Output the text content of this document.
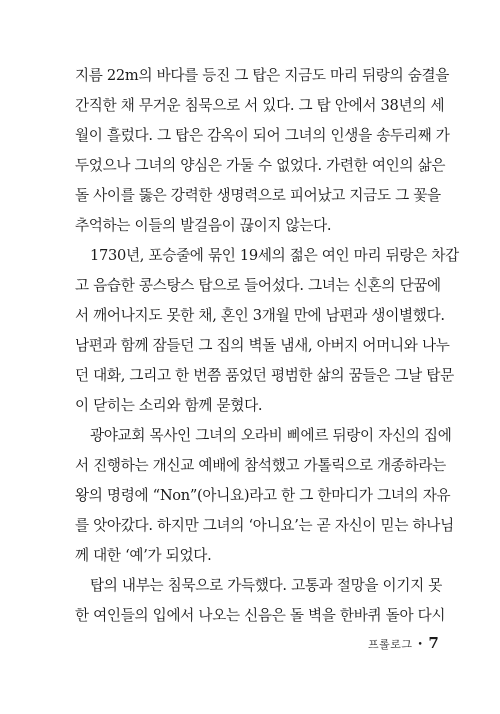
지름 22m의 바다를 등진 그 탑은 지금도 마리 뒤랑의 숨결을
간직한 채 무거운 침묵으로 서 있다. 그 탑 안에서 38년의 세
월이 흘렀다. 그 탑은 감옥이 되어 그녀의 인생을 송두리째 가
두었으나 그녀의 양심은 가둘 수 없었다. 가련한 여인의 삶은
돌 사이를 뚫은 강력한 생명력으로 피어났고 지금도 그 꽃을
추억하는 이들의 발걸음이 끊이지 않는다.
1730년, 포승줄에 묶인 19세의 젊은 여인 마리 뒤랑은 차갑
고 음습한 콩스탕스 탑으로 들어섰다. 그녀는 신혼의 단꿈에
서 깨어나지도 못한 채, 혼인 3개월 만에 남편과 생이별했다.
남편과 함께 잠들던 그 집의 벽돌 냄새, 아버지 어머니와 나누
던 대화, 그리고 한 번쯤 품었던 평범한 삶의 꿈들은 그날 탑문
이 닫히는 소리와 함께 묻혔다.
광야교회 목사인 그녀의 오라비 삐에르 뒤랑이 자신의 집에
서 진행하는 개신교 예배에 참석했고 가톨릭으로 개종하라는
왕의 명령에 “Non”(아니요)라고 한 그 한마디가 그녀의 자유
를 앗아갔다. 하지만 그녀의 ‘아니요’는 곧 자신이 믿는 하나님
께 대한 ‘예’가 되었다.
탑의 내부는 침묵으로 가득했다. 고통과 절망을 이기지 못
한 여인들의 입에서 나오는 신음은 돌 벽을 한바퀴 돌아 다시
프롤로그 • 7
